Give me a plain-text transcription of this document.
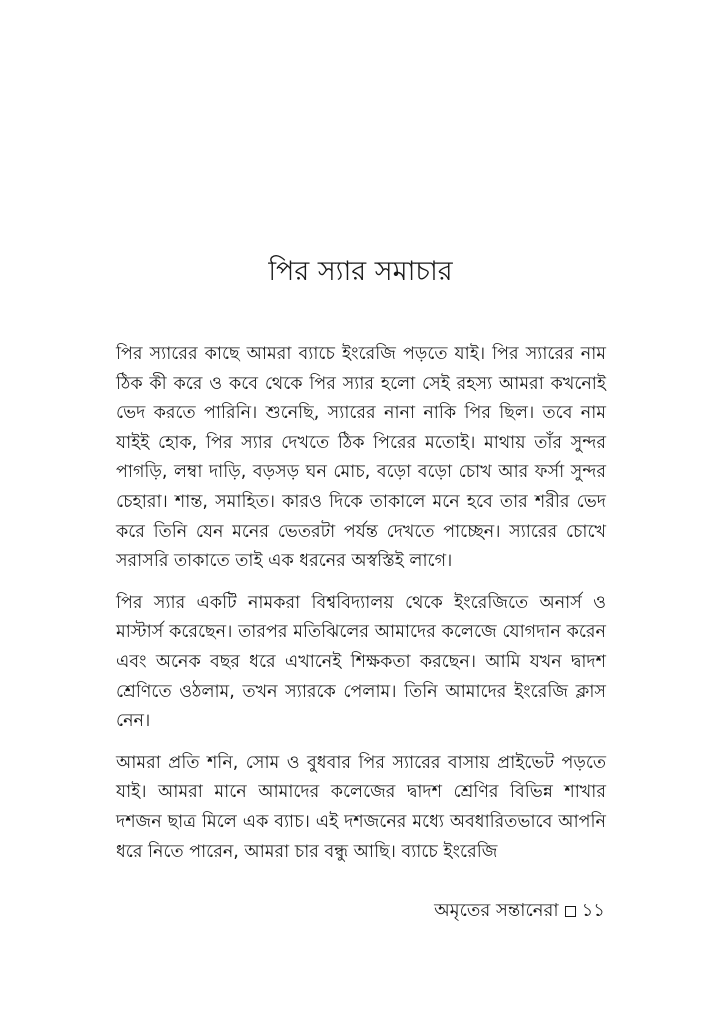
পির স্যার সমাচার

পির স্যারের কাছে আমরা ব্যাচে ইংরেজি পড়তে যাই। পির স্যারের নাম ঠিক কী করে ও কবে থেকে পির স্যার হলো সেই রহস্য আমরা কখনোই ভেদ করতে পারিনি। শুনেছি, স্যারের নানা নাকি পির ছিল। তবে নাম যাইই হোক, পির স্যার দেখতে ঠিক পিরের মতোই। মাথায় তাঁর সুন্দর পাগড়ি, লম্বা দাড়ি, বড়সড় ঘন মোচ, বড়ো বড়ো চোখ আর ফর্সা সুন্দর চেহারা। শান্ত, সমাহিত। কারও দিকে তাকালে মনে হবে তার শরীর ভেদ করে তিনি যেন মনের ভেতরটা পর্যন্ত দেখতে পাচ্ছেন। স্যারের চোখে সরাসরি তাকাতে তাই এক ধরনের অস্বস্তিই লাগে।

পির স্যার একটি নামকরা বিশ্ববিদ্যালয় থেকে ইংরেজিতে অনার্স ও মাস্টার্স করেছেন। তারপর মতিঝিলের আমাদের কলেজে যোগদান করেন এবং অনেক বছর ধরে এখানেই শিক্ষকতা করছেন। আমি যখন দ্বাদশ শ্রেণিতে ওঠলাম, তখন স্যারকে পেলাম। তিনি আমাদের ইংরেজি ক্লাস নেন।

আমরা প্রতি শনি, সোম ও বুধবার পির স্যারের বাসায় প্রাইভেট পড়তে যাই। আমরা মানে আমাদের কলেজের দ্বাদশ শ্রেণির বিভিন্ন শাখার দশজন ছাত্র মিলে এক ব্যাচ। এই দশজনের মধ্যে অবধারিতভাবে আপনি ধরে নিতে পারেন, আমরা চার বন্ধু আছি। ব্যাচে ইংরেজি

অমৃতের সন্তানেরা ১১
